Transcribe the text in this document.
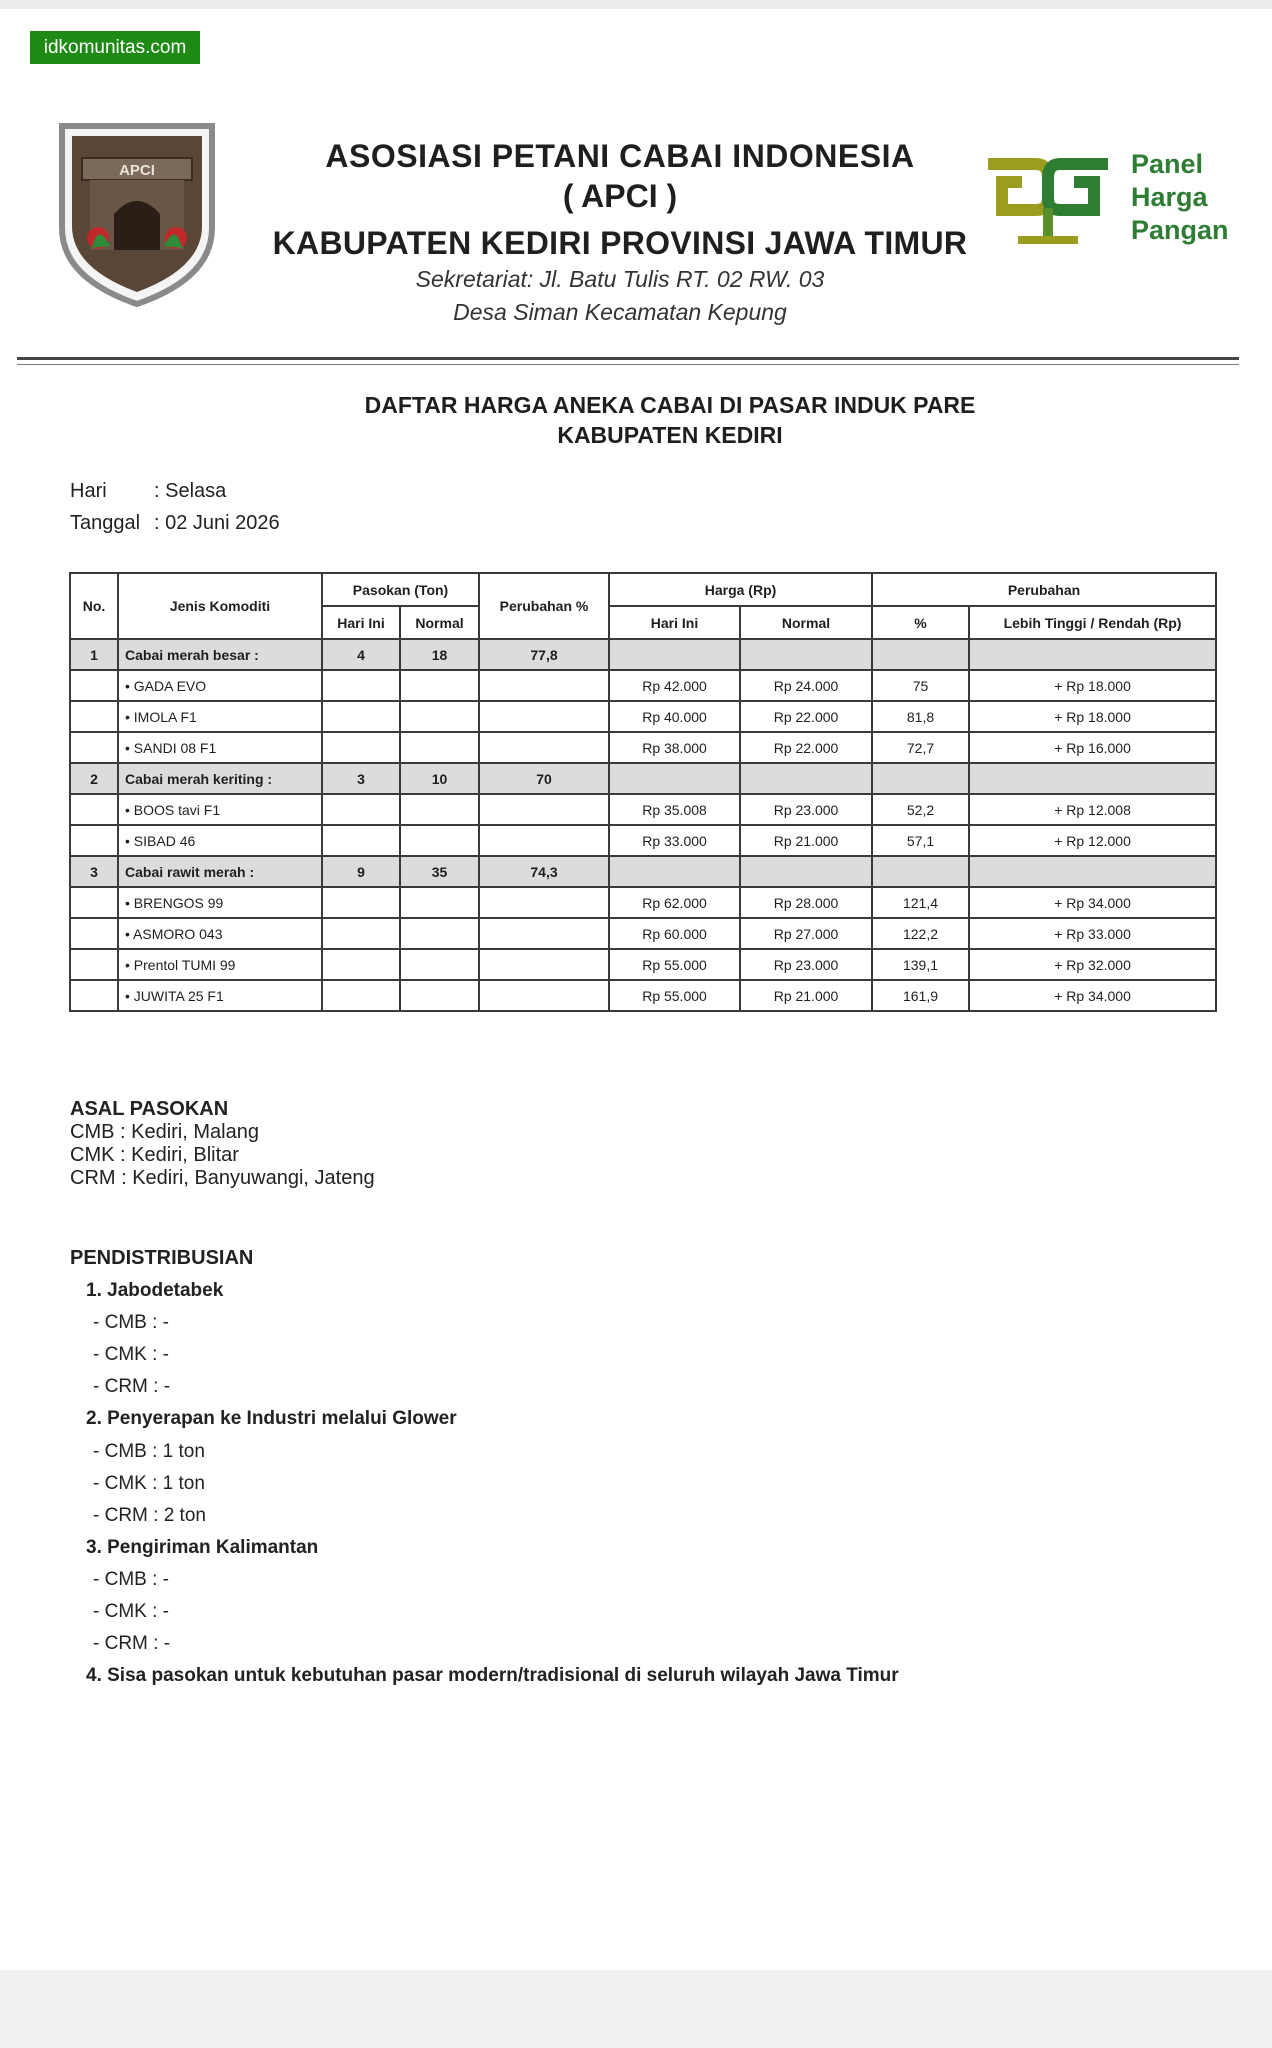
idkomunitas.com
APCI	ASOSIASI PETANI CABAI INDONESIA
( APCI )
KABUPATEN KEDIRI PROVINSI JAWA TIMUR
Sekretariat: Jl. Batu Tulis RT. 02 RW. 03
Desa Siman Kecamatan Kepung
Panel
Harga
Pangan
DAFTAR HARGA ANEKA CABAI DI PASAR INDUK PARE
KABUPATEN KEDIRI
Hari : Selasa
Tanggal : 02 Juni 2026
No.	Jenis Komoditi	Pasokan (Ton)		Perubahan %	Harga (Rp)		Perubahan	
		Hari Ini	Normal		Hari Ini	Normal	%	Lebih Tinggi / Rendah (Rp)
1	Cabai merah besar :	4	18	77,8				
	• GADA EVO				Rp 42.000	Rp 24.000	75	+ Rp 18.000
	• IMOLA F1				Rp 40.000	Rp 22.000	81,8	+ Rp 18.000
	• SANDI 08 F1				Rp 38.000	Rp 22.000	72,7	+ Rp 16.000
2	Cabai merah keriting :	3	10	70				
	• BOOS tavi F1				Rp 35.008	Rp 23.000	52,2	+ Rp 12.008
	• SIBAD 46				Rp 33.000	Rp 21.000	57,1	+ Rp 12.000
3	Cabai rawit merah :	9	35	74,3				
	• BRENGOS 99				Rp 62.000	Rp 28.000	121,4	+ Rp 34.000
	• ASMORO 043				Rp 60.000	Rp 27.000	122,2	+ Rp 33.000
	• Prentol TUMI 99				Rp 55.000	Rp 23.000	139,1	+ Rp 32.000
	• JUWITA 25 F1				Rp 55.000	Rp 21.000	161,9	+ Rp 34.000
ASAL PASOKAN
CMB : Kediri, Malang
CMK : Kediri, Blitar
CRM : Kediri, Banyuwangi, Jateng
PENDISTRIBUSIAN
1. Jabodetabek
- CMB : -
- CMK : -
- CRM : -
2. Penyerapan ke Industri melalui Glower
- CMB : 1 ton
- CMK : 1 ton
- CRM : 2 ton
3. Pengiriman Kalimantan
- CMB : -
- CMK : -
- CRM : -
4. Sisa pasokan untuk kebutuhan pasar modern/tradisional di seluruh wilayah Jawa Timur
